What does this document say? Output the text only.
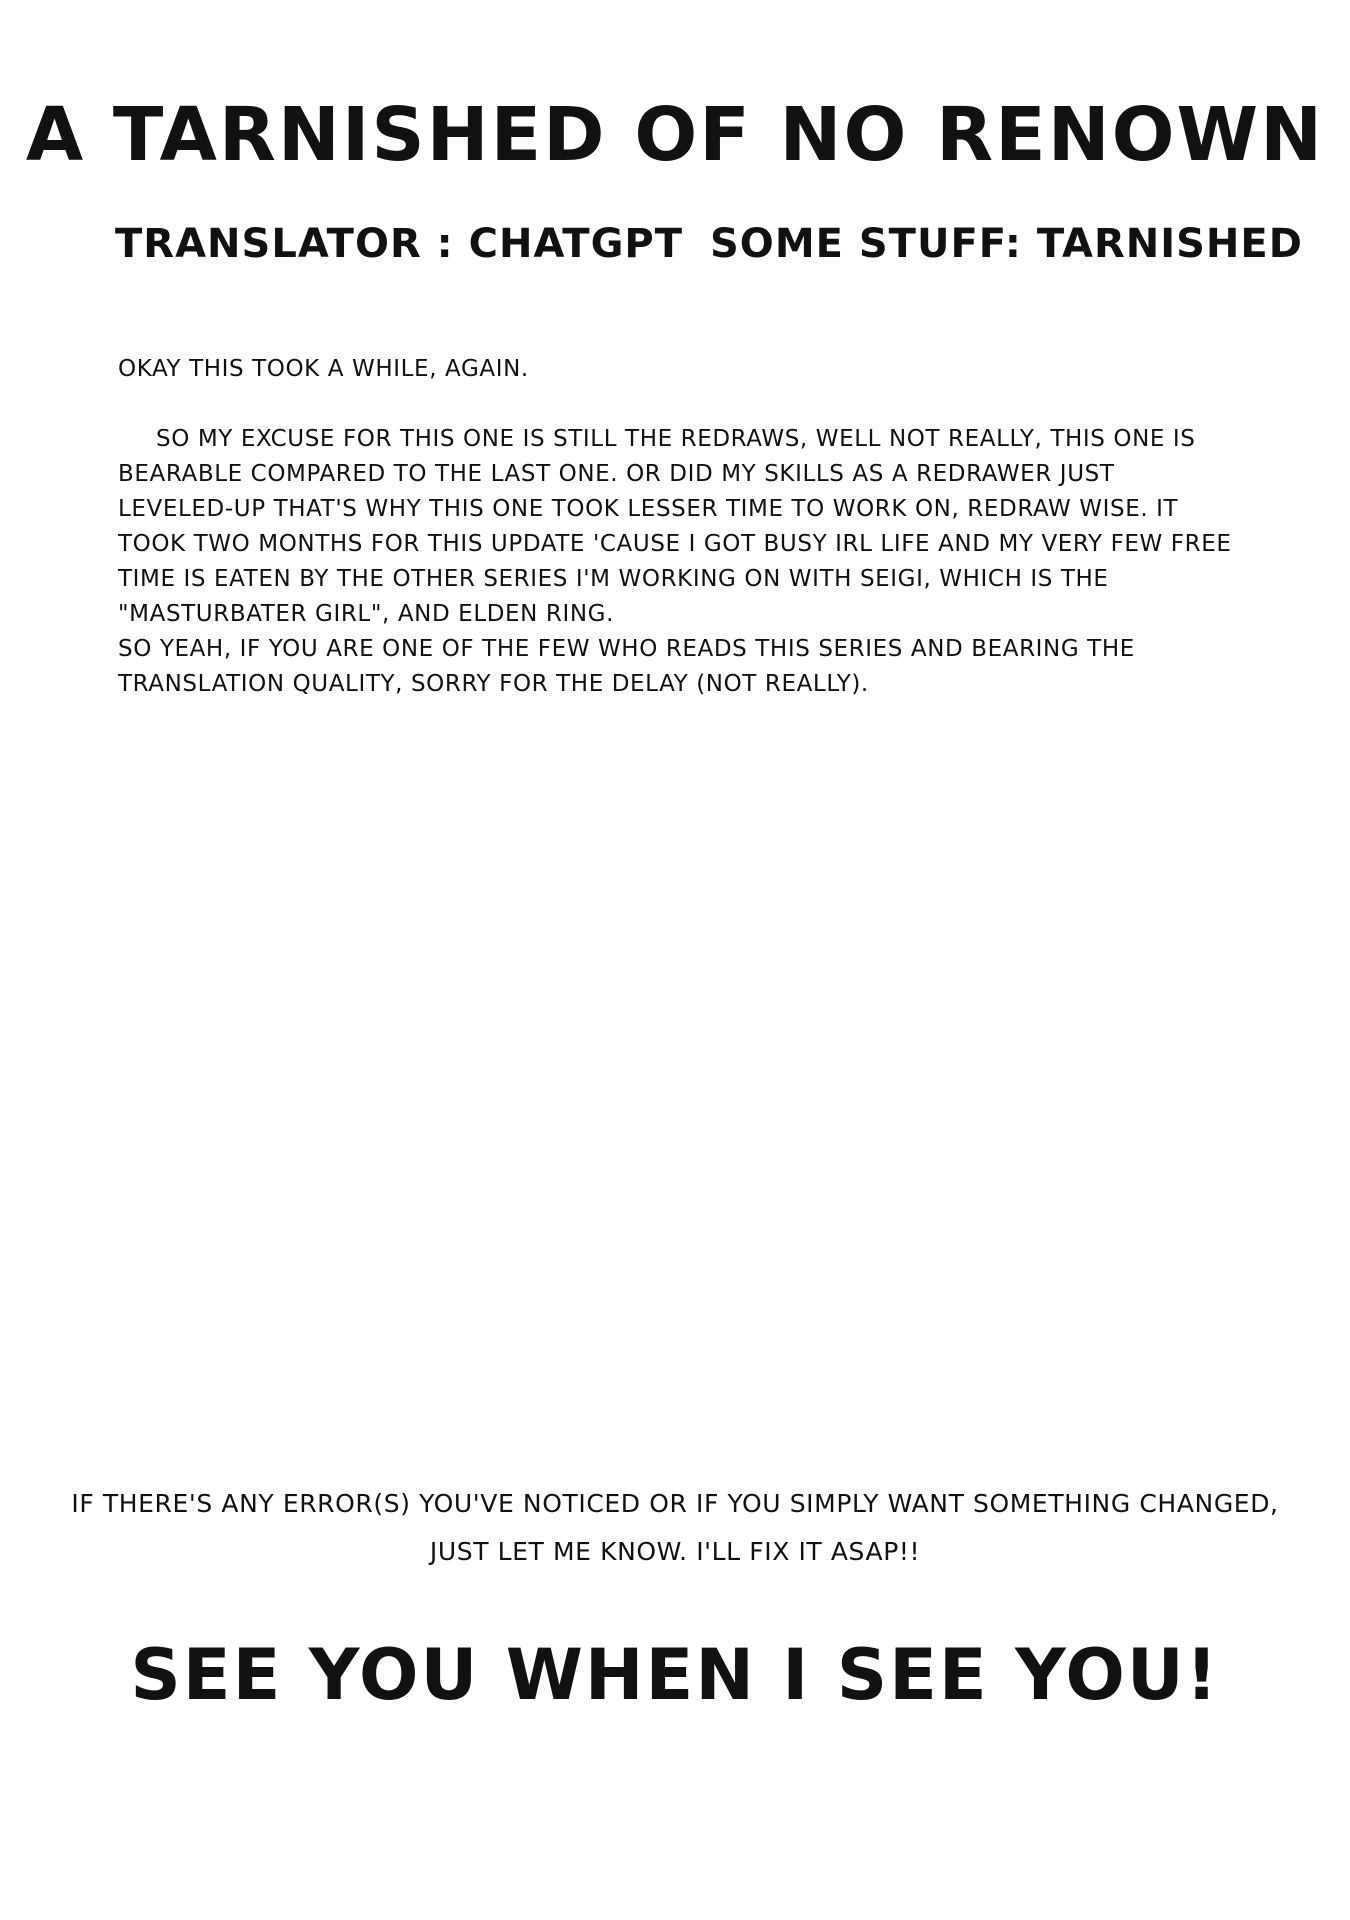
A TARNISHED OF NO RENOWN
TRANSLATOR : CHATGPT SOME STUFF: TARNISHED

OKAY THIS TOOK A WHILE, AGAIN.

SO MY EXCUSE FOR THIS ONE IS STILL THE REDRAWS, WELL NOT REALLY, THIS ONE IS BEARABLE COMPARED TO THE LAST ONE. OR DID MY SKILLS AS A REDRAWER JUST LEVELED-UP THAT'S WHY THIS ONE TOOK LESSER TIME TO WORK ON, REDRAW WISE. IT TOOK TWO MONTHS FOR THIS UPDATE 'CAUSE I GOT BUSY IRL LIFE AND MY VERY FEW FREE TIME IS EATEN BY THE OTHER SERIES I'M WORKING ON WITH SEIGI, WHICH IS THE "MASTURBATER GIRL", AND ELDEN RING.

SO YEAH, IF YOU ARE ONE OF THE FEW WHO READS THIS SERIES AND BEARING THE TRANSLATION QUALITY, SORRY FOR THE DELAY (NOT REALLY).

IF THERE'S ANY ERROR(S) YOU'VE NOTICED OR IF YOU SIMPLY WANT SOMETHING CHANGED,

JUST LET ME KNOW. I'LL FIX IT ASAP!!

SEE YOU WHEN I SEE YOU!
